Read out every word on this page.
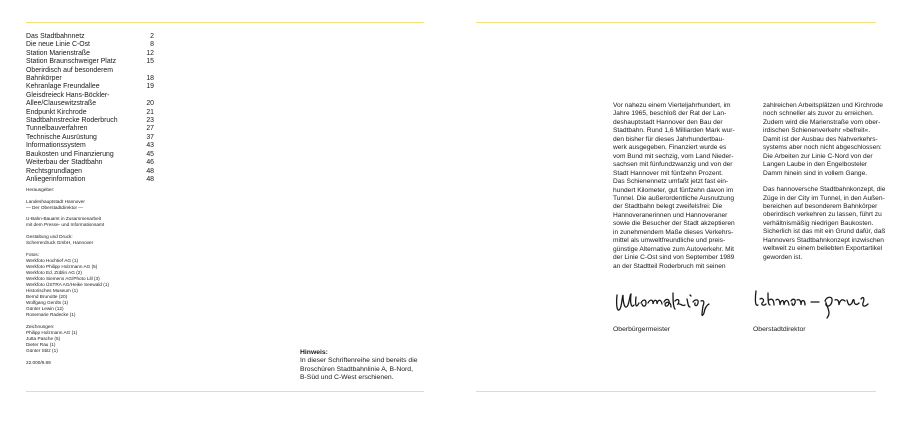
Das Stadtbahnnetz	2
Die neue Linie C-Ost	8
Station Marienstraße	12
Station Braunschweiger Platz	15
Oberirdisch auf besonderem
Bahnkörper	18
Kehranlage Freundallee	19
Gleisdreieck Hans-Böckler-
Allee/Clausewitzstraße	20
Endpunkt Kirchrode	21
Stadtbahnstrecke Roderbruch	23
Tunnelbauverfahren	27
Technische Ausrüstung	37
Informationssystem	43
Baukosten und Finanzierung	45
Weiterbau der Stadtbahn	46
Rechtsgrundlagen	48
Anliegerinformation	48
Herausgeber:
Landeshauptstadt Hannover
— Der Oberstadtdirektor —
U-Bahn-Bauamt in Zusammenarbeit
mit dem Presse- und Informationsamt
Gestaltung und Druck:
Scherrerdruck GmbH, Hannover
Fotos:
Werkfoto Hochtief AG (1)
Werkfoto Philipp Holzmann AG (5)
Werkfoto Ed. Züblin AG (2)
Werkfoto Siemens AG/Photo Lill (3)
Werkfoto ÜSTRA AG/Heike Seewald (1)
Historisches Museum (1)
Bernd Brunotte (20)
Wolfgang Gerdts (1)
Günter Lewin (12)
Rosemarie Radecke (1)
Zeichnungen:
Philipp Holzmann AG (1)
Jutta Pasche (5)
Dieter Rau (1)
Günter Stitz (1)
22.000/9.89
Hinweis:
In dieser Schriftenreihe sind bereits die
Broschüren Stadtbahnlinie A, B-Nord,
B-Süd und C-West erschienen.
Vor nahezu einem Vierteljahrhundert, im
Jahre 1965, beschloß der Rat der Lan-
deshauptstadt Hannover den Bau der
Stadtbahn. Rund 1,6 Milliarden Mark wur-
den bisher für dieses Jahrhundertbau-
werk ausgegeben. Finanziert wurde es
vom Bund mit sechzig, vom Land Nieder-
sachsen mit fünfundzwanzig und von der
Stadt Hannover mit fünfzehn Prozent.
Das Schienennetz umfaßt jetzt fast ein-
hundert Kilometer, gut fünfzehn davon im
Tunnel. Die außerordentliche Ausnutzung
der Stadtbahn belegt zweifelsfrei: Die
Hannoveranerinnen und Hannoveraner
sowie die Besucher der Stadt akzeptieren
in zunehmendem Maße dieses Verkehrs-
mittel als umweltfreundliche und preis-
günstige Alternative zum Autoverkehr. Mit
der Linie C-Ost sind von September 1989
an der Stadtteil Roderbruch mit seinen
zahlreichen Arbeitsplätzen und Kirchrode
noch schneller als zuvor zu erreichen.
Zudem wird die Marienstraße vom ober-
irdischen Schienenverkehr »befreit«.
Damit ist der Ausbau des Nahverkehrs-
systems aber noch nicht abgeschlossen:
Die Arbeiten zur Linie C-Nord von der
Langen Laube in den Engelbosteler
Damm hinein sind in vollem Gange.
Das hannoversche Stadtbahnkonzept, die
Züge in der City im Tunnel, in den Außen-
bereichen auf besonderem Bahnkörper
oberirdisch verkehren zu lassen, führt zu
verhältnismäßig niedrigen Baukosten.
Sicherlich ist das mit ein Grund dafür, daß
Hannovers Stadtbahnkonzept inzwischen
weltweit zu einem beliebten Exportartikel
geworden ist.
Oberbürgermeister	Oberstadtdirektor
